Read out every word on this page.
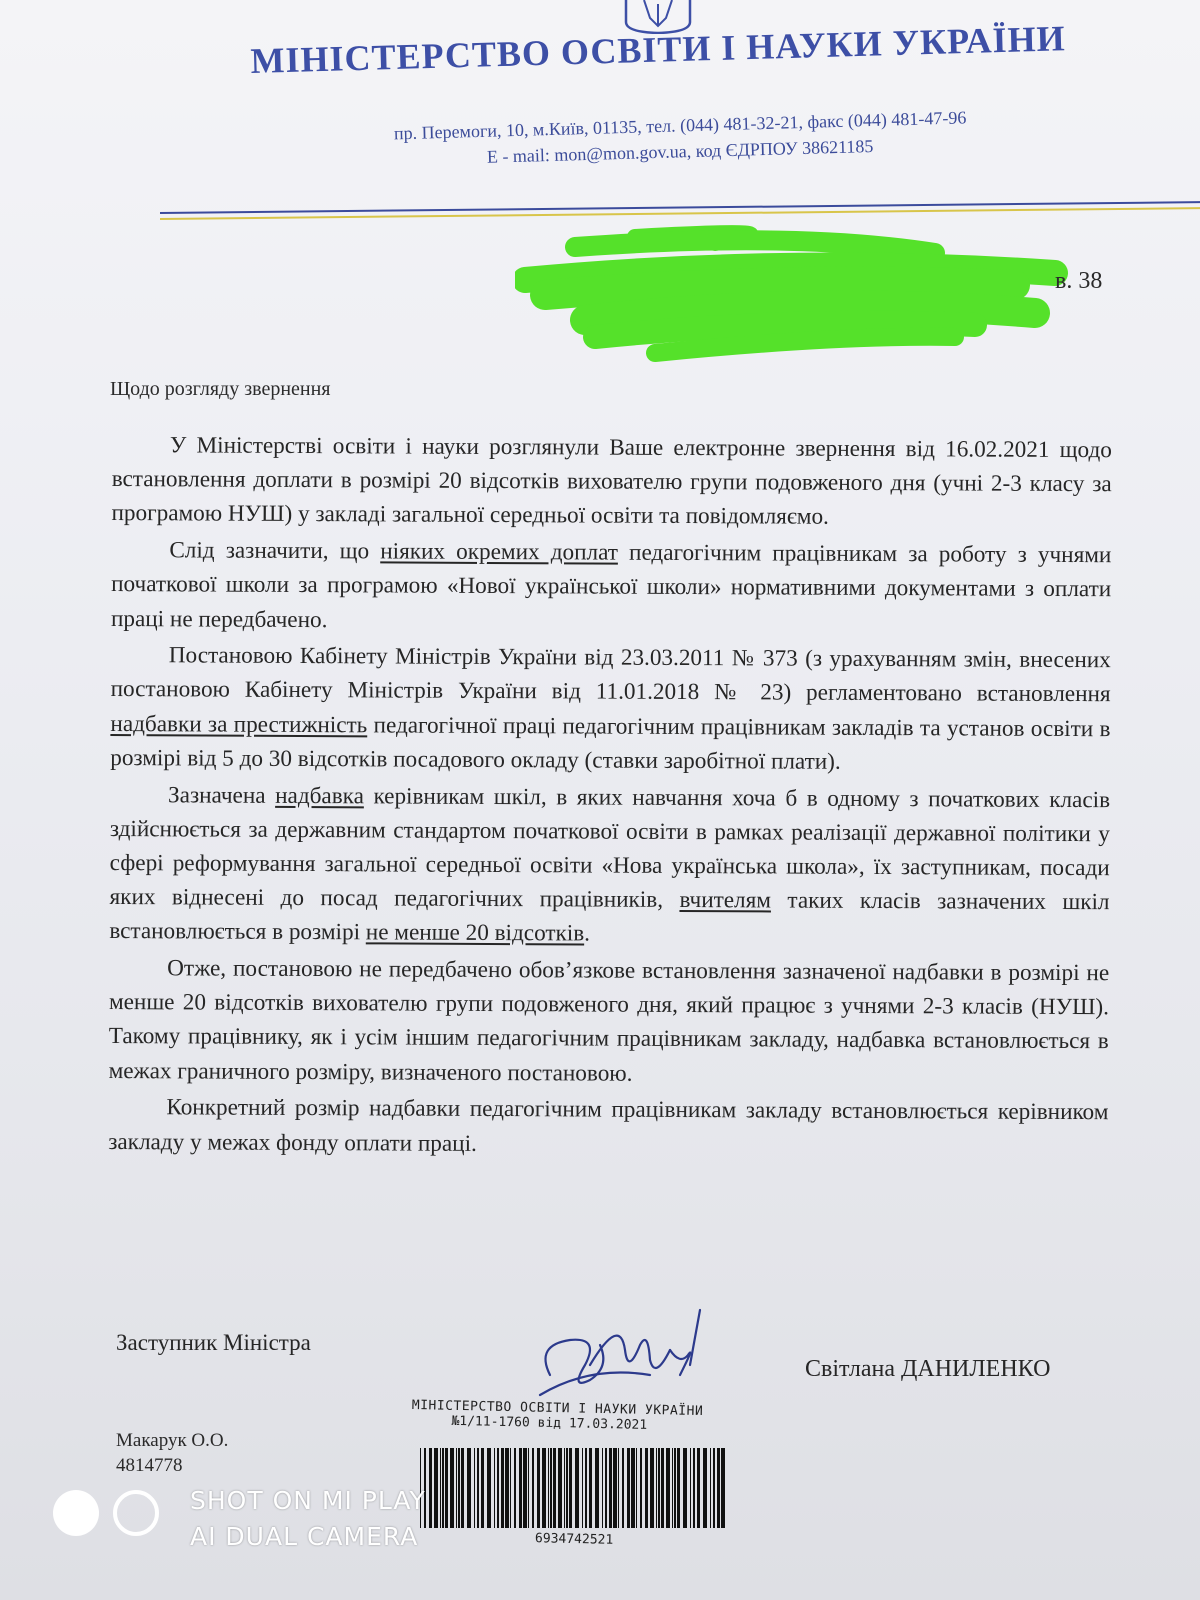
МІНІСТЕРСТВО ОСВІТИ І НАУКИ УКРАЇНИ
пр. Перемоги, 10, м.Київ, 01135, тел. (044) 481-32-21, факс (044) 481-47-96
E - mail: mon@mon.gov.ua, код ЄДРПОУ 38621185
в. 38
Щодо розгляду звернення

У Міністерстві освіти і науки розглянули Ваше електронне звернення від 16.02.2021 щодо встановлення доплати в розмірі 20 відсотків вихователю групи подовженого дня (учні 2-3 класу за програмою НУШ) у закладі загальної середньої освіти та повідомляємо.

Слід зазначити, що ніяких окремих доплат педагогічним працівникам за роботу з учнями початкової школи за програмою «Нової української школи» нормативними документами з оплати праці не передбачено.

Постановою Кабінету Міністрів України від 23.03.2011 № 373 (з урахуванням змін, внесених постановою Кабінету Міністрів України від 11.01.2018 № 23) регламентовано встановлення надбавки за престижність педагогічної праці педагогічним працівникам закладів та установ освіти в розмірі від 5 до 30 відсотків посадового окладу (ставки заробітної плати).

Зазначена надбавка керівникам шкіл, в яких навчання хоча б в одному з початкових класів здійснюється за державним стандартом початкової освіти в рамках реалізації державної політики у сфері реформування загальної середньої освіти «Нова українська школа», їх заступникам, посади яких віднесені до посад педагогічних працівників, вчителям таких класів зазначених шкіл встановлюється в розмірі не менше 20 відсотків.

Отже, постановою не передбачено обов’язкове встановлення зазначеної надбавки в розмірі не менше 20 відсотків вихователю групи подовженого дня, який працює з учнями 2-3 класів (НУШ). Такому працівнику, як і усім іншим педагогічним працівникам закладу, надбавка встановлюється в межах граничного розміру, визначеного постановою.

Конкретний розмір надбавки педагогічним працівникам закладу встановлюється керівником закладу у межах фонду оплати праці.

Заступник Міністра
Світлана ДАНИЛЕНКО
Макарук О.О.
4814778
МІНІСТЕРСТВО ОСВІТИ І НАУКИ УКРАЇНИ
№1/11-1760 від 17.03.2021
6934742521
SHOT ON MI PLAY
AI DUAL CAMERA
